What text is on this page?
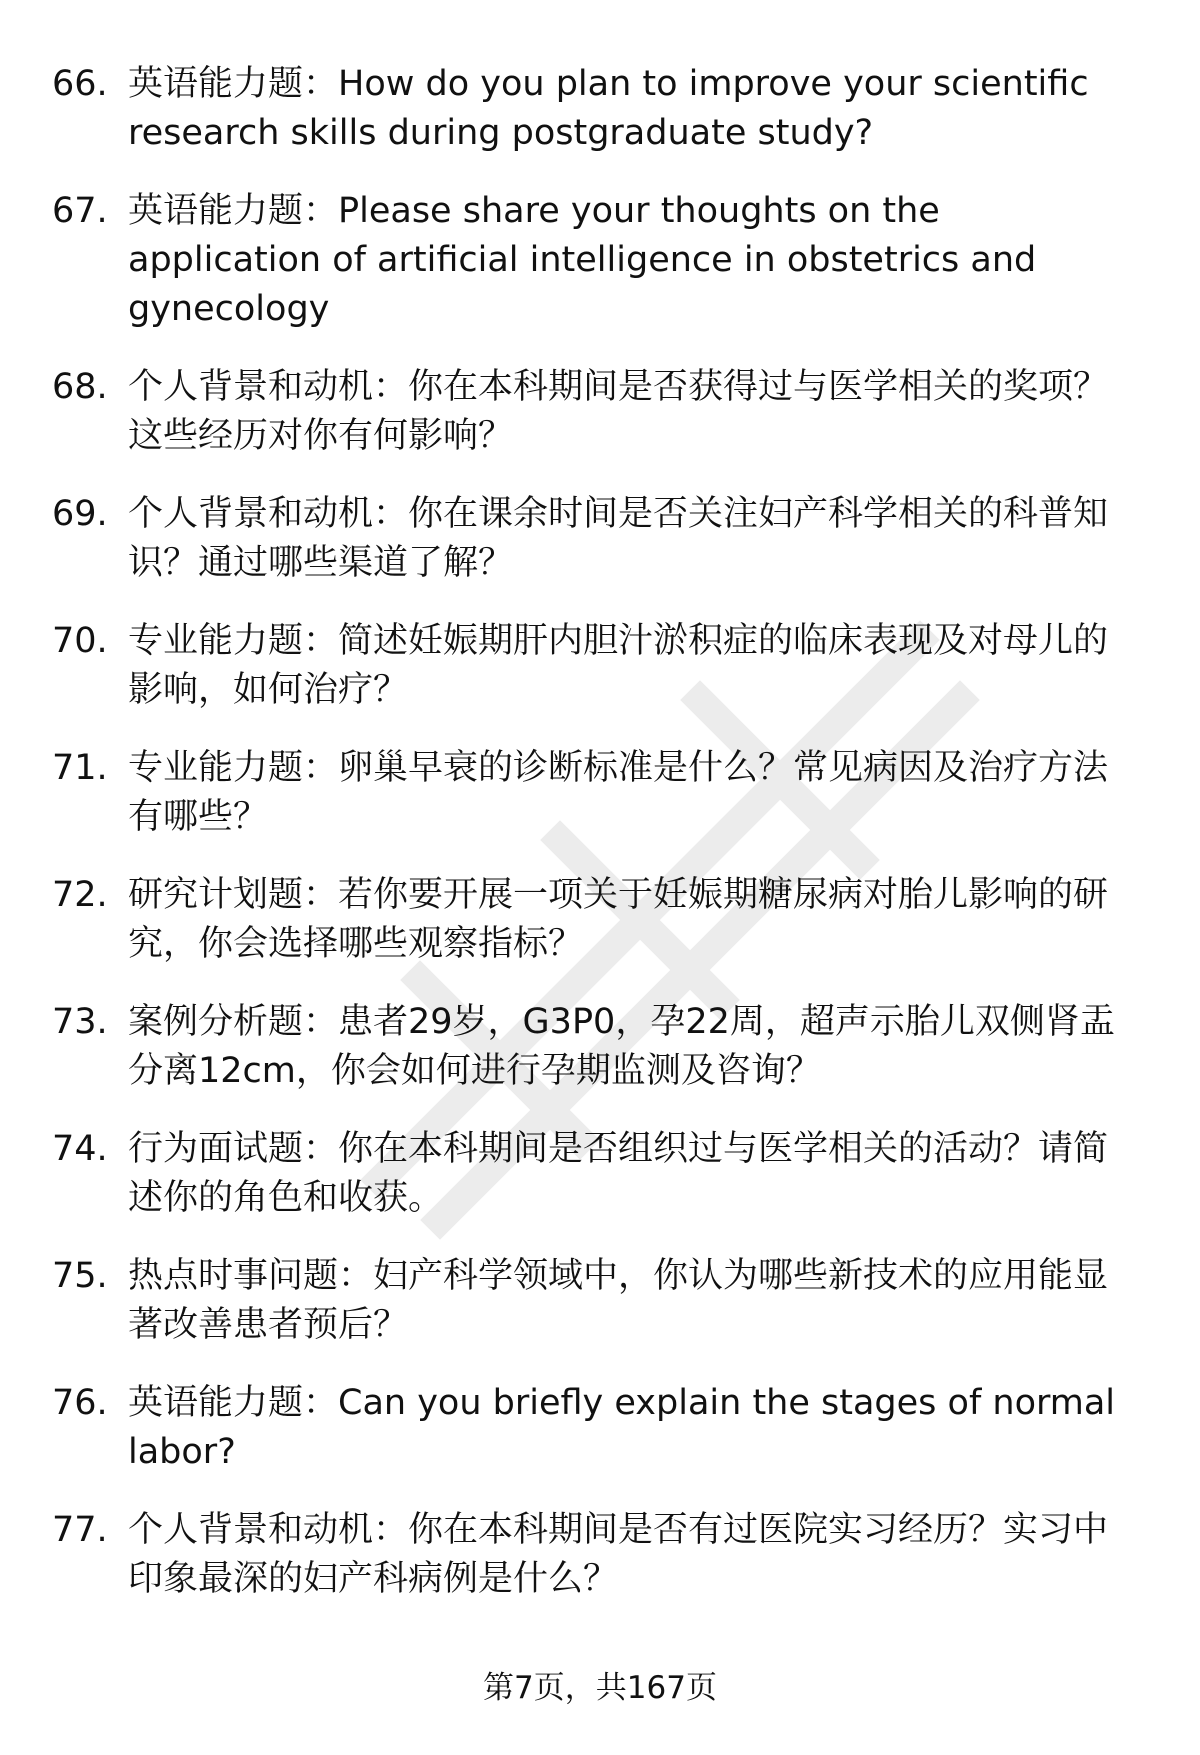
66. 英语能力题：How do you plan to improve your scientific research skills during postgraduate study?
67. 英语能力题：Please share your thoughts on the application of artificial intelligence in obstetrics and gynecology
68. 个人背景和动机：你在本科期间是否获得过与医学相关的奖项？这些经历对你有何影响？
69. 个人背景和动机：你在课余时间是否关注妇产科学相关的科普知识？通过哪些渠道了解？
70. 专业能力题：简述妊娠期肝内胆汁淤积症的临床表现及对母儿的影响，如何治疗？
71. 专业能力题：卵巢早衰的诊断标准是什么？常见病因及治疗方法有哪些？
72. 研究计划题：若你要开展一项关于妊娠期糖尿病对胎儿影响的研究，你会选择哪些观察指标？
73. 案例分析题：患者29岁，G3P0，孕22周，超声示胎儿双侧肾盂分离12cm，你会如何进行孕期监测及咨询？
74. 行为面试题：你在本科期间是否组织过与医学相关的活动？请简述你的角色和收获。
75. 热点时事问题：妇产科学领域中，你认为哪些新技术的应用能显著改善患者预后？
76. 英语能力题：Can you briefly explain the stages of normal labor?
77. 个人背景和动机：你在本科期间是否有过医院实习经历？实习中印象最深的妇产科病例是什么？
第7页，共167页
